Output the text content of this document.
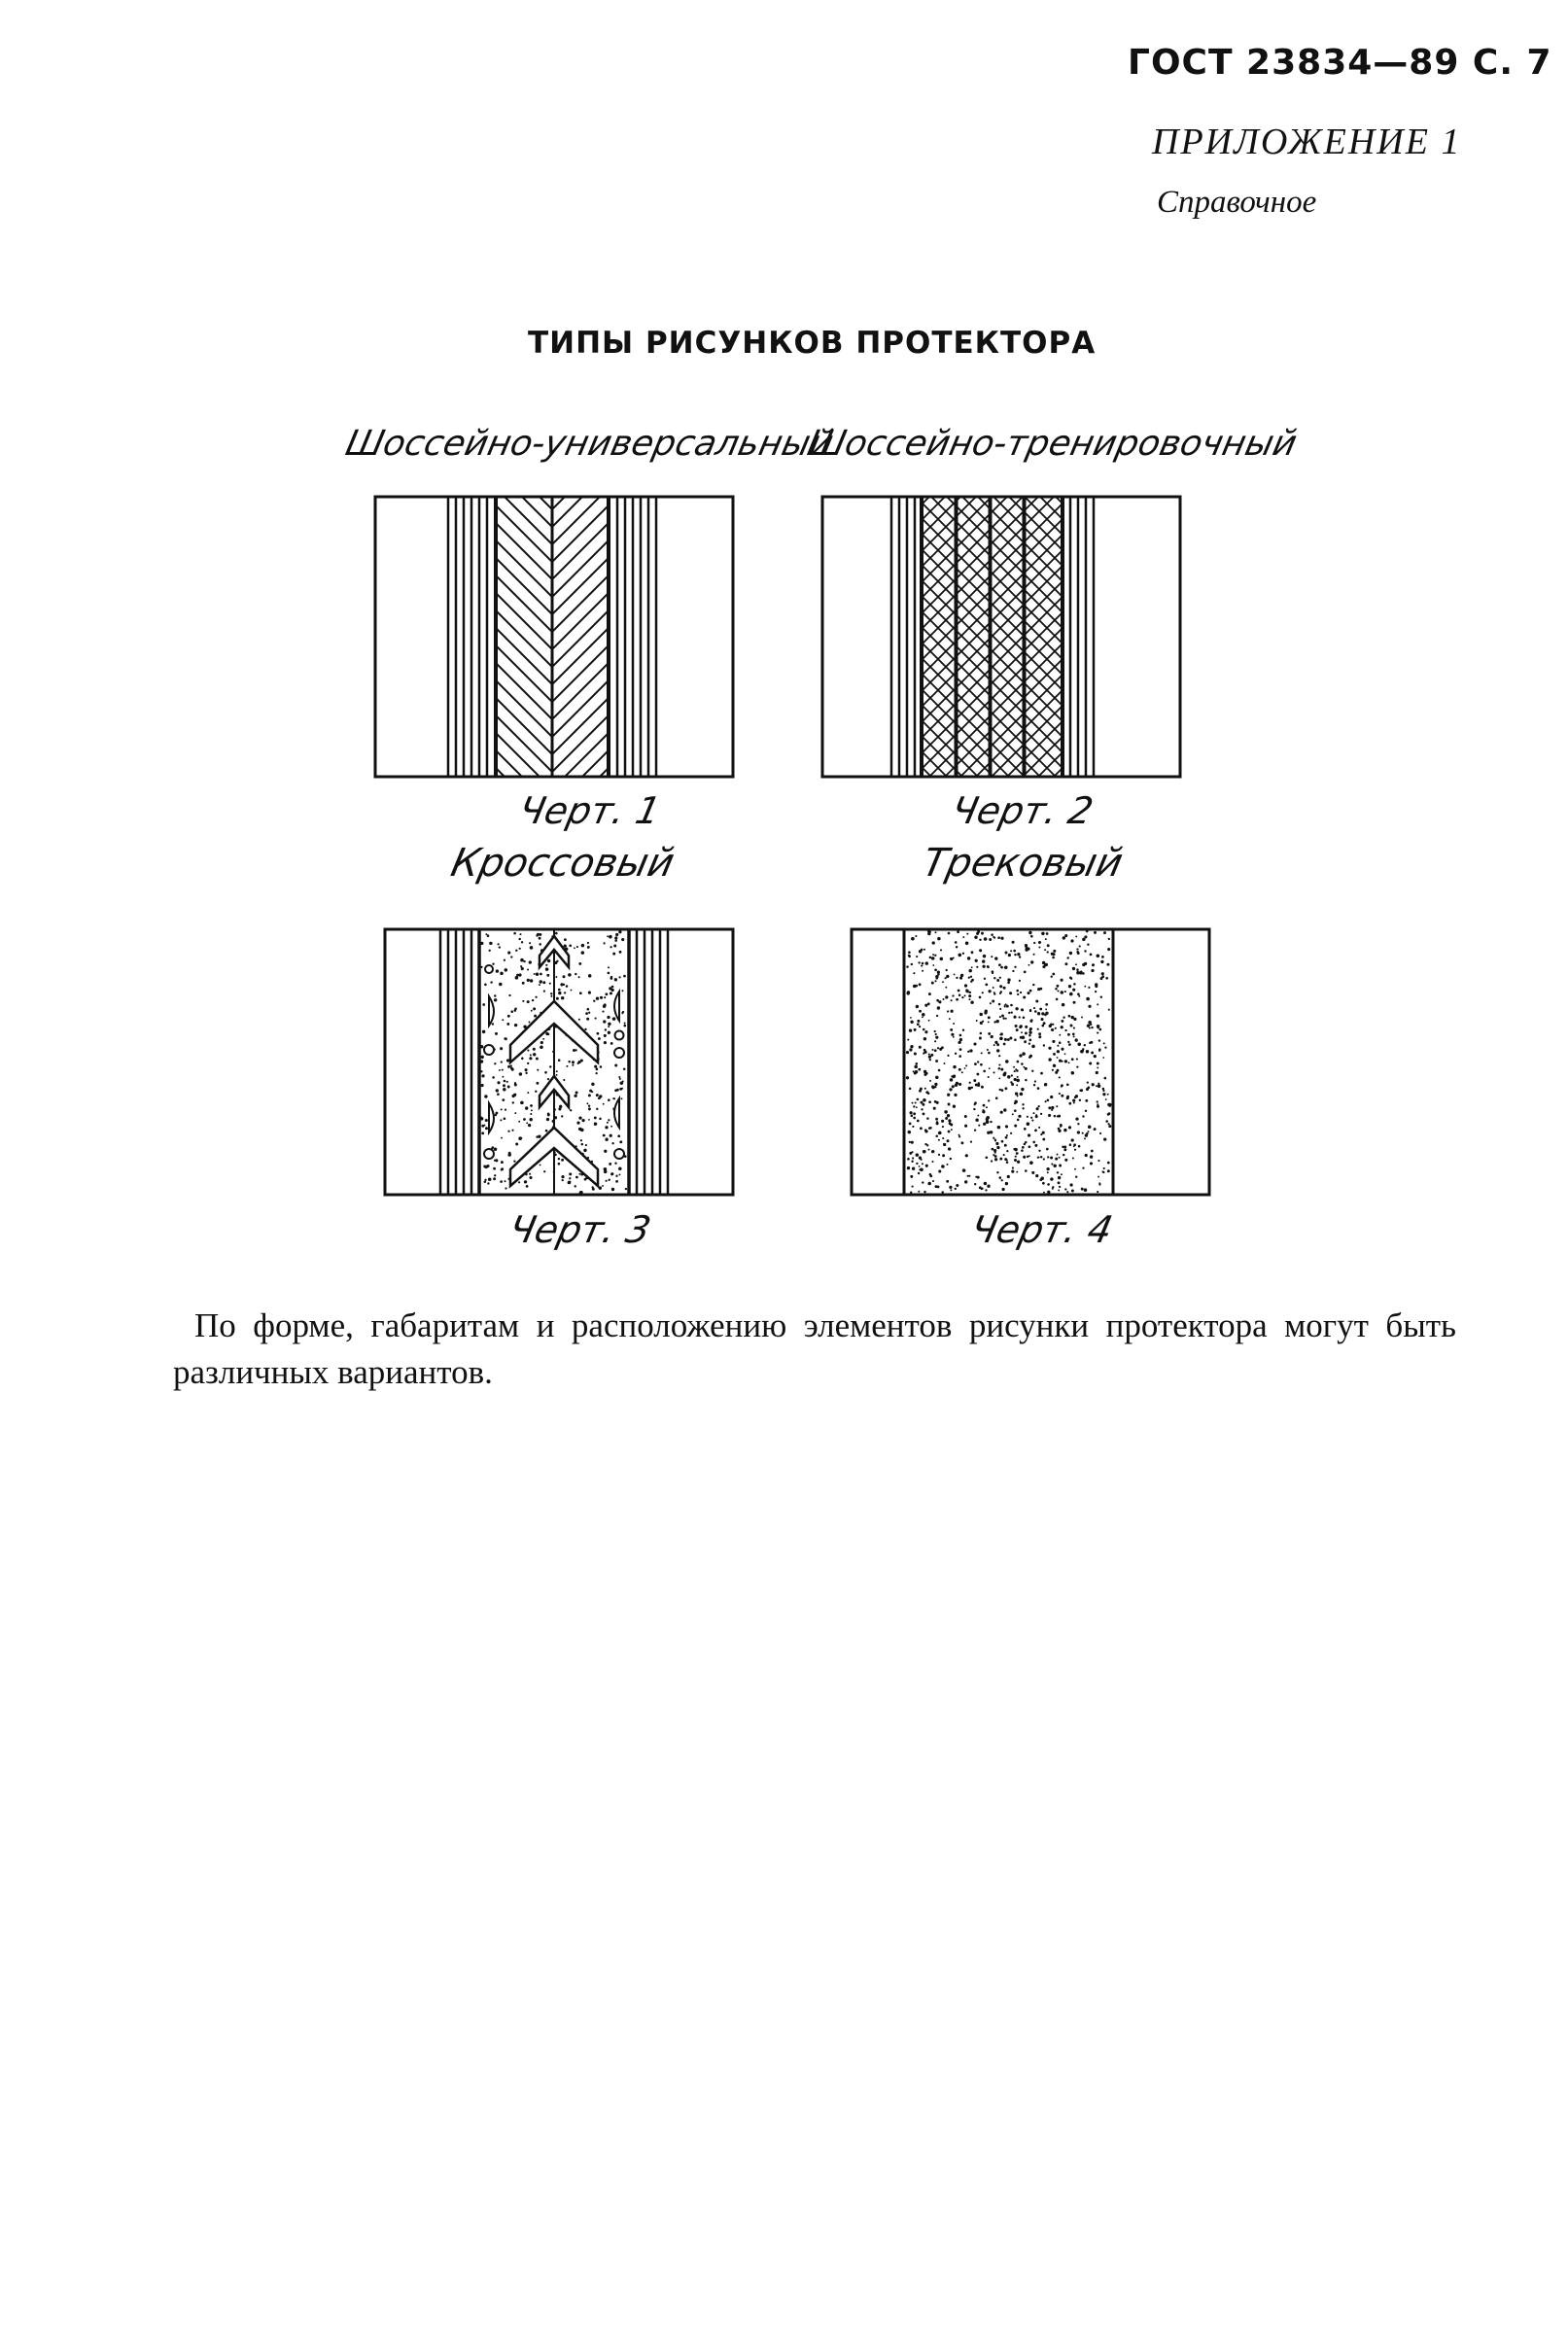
ГОСТ 23834—89 С. 7
ПРИЛОЖЕНИЕ 1
Справочное
ТИПЫ РИСУНКОВ ПРОТЕКТОРА
Шоссейно-универсальный
Шоссейно-тренировочный
Черт. 1	Черт. 2
Кроссовый	Трековый
Черт. 3	Черт. 4
По форме, габаритам и расположению элементов рисунки протектора могут быть различных вариантов.
